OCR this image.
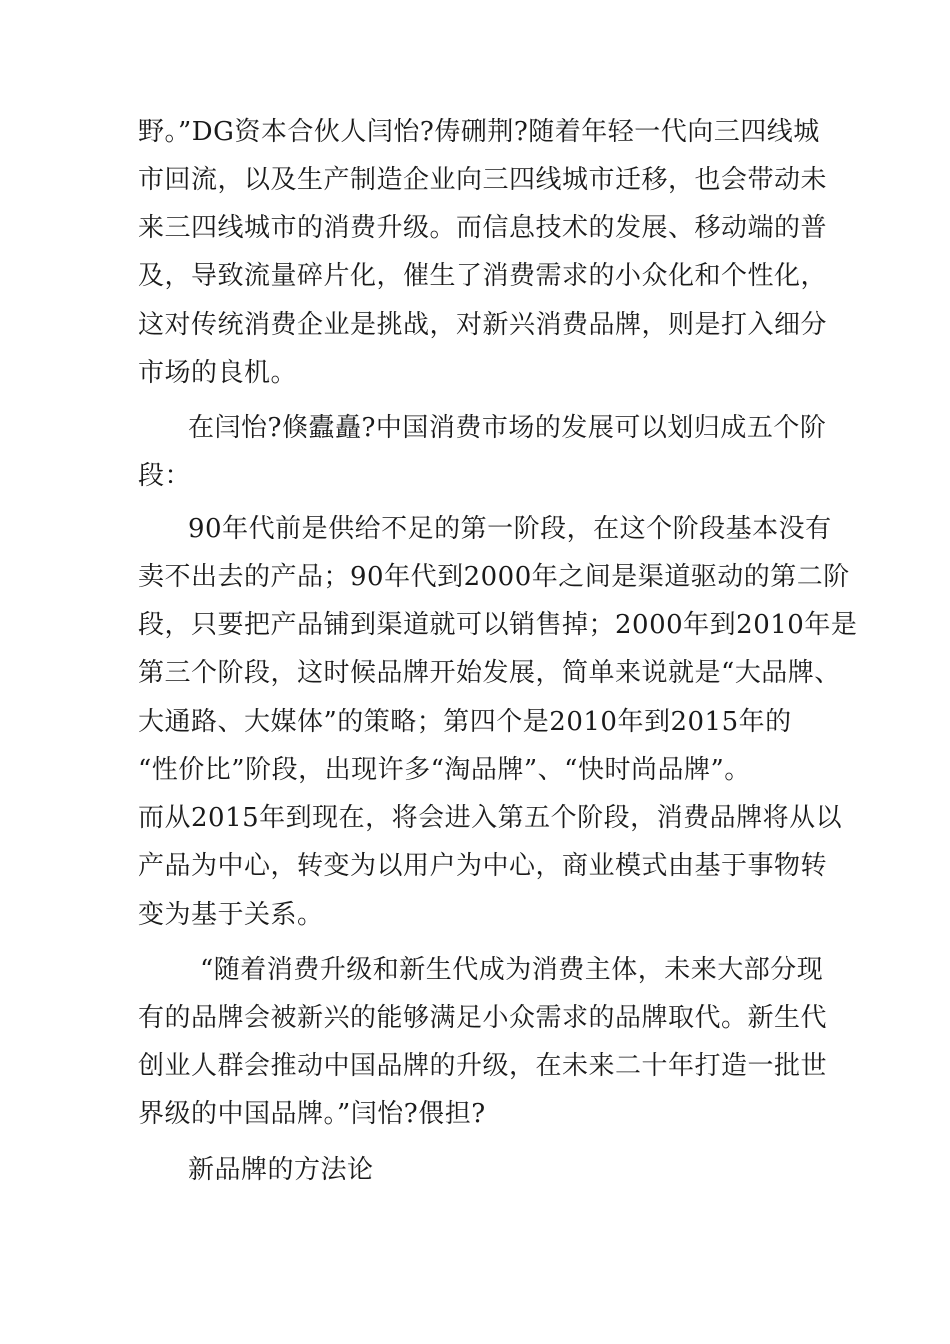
野。”DG资本合伙人闫怡?俦硎荆?随着年轻一代向三四线城
市回流，以及生产制造企业向三四线城市迁移，也会带动未
来三四线城市的消费升级。而信息技术的发展、移动端的普
及，导致流量碎片化，催生了消费需求的小众化和个性化，
这对传统消费企业是挑战，对新兴消费品牌，则是打入细分
市场的良机。
在闫怡?倏蠹矗?中国消费市场的发展可以划归成五个阶
段：
90年代前是供给不足的第一阶段，在这个阶段基本没有
卖不出去的产品；90年代到2000年之间是渠道驱动的第二阶
段，只要把产品铺到渠道就可以销售掉；2000年到2010年是
第三个阶段，这时候品牌开始发展，简单来说就是“大品牌、
大通路、大媒体”的策略；第四个是2010年到2015年的
“性价比”阶段，出现许多“淘品牌”、“快时尚品牌”。
而从2015年到现在，将会进入第五个阶段，消费品牌将从以
产品为中心，转变为以用户为中心，商业模式由基于事物转
变为基于关系。
“随着消费升级和新生代成为消费主体，未来大部分现
有的品牌会被新兴的能够满足小众需求的品牌取代。新生代
创业人群会推动中国品牌的升级，在未来二十年打造一批世
界级的中国品牌。”闫怡?偎担?
新品牌的方法论
